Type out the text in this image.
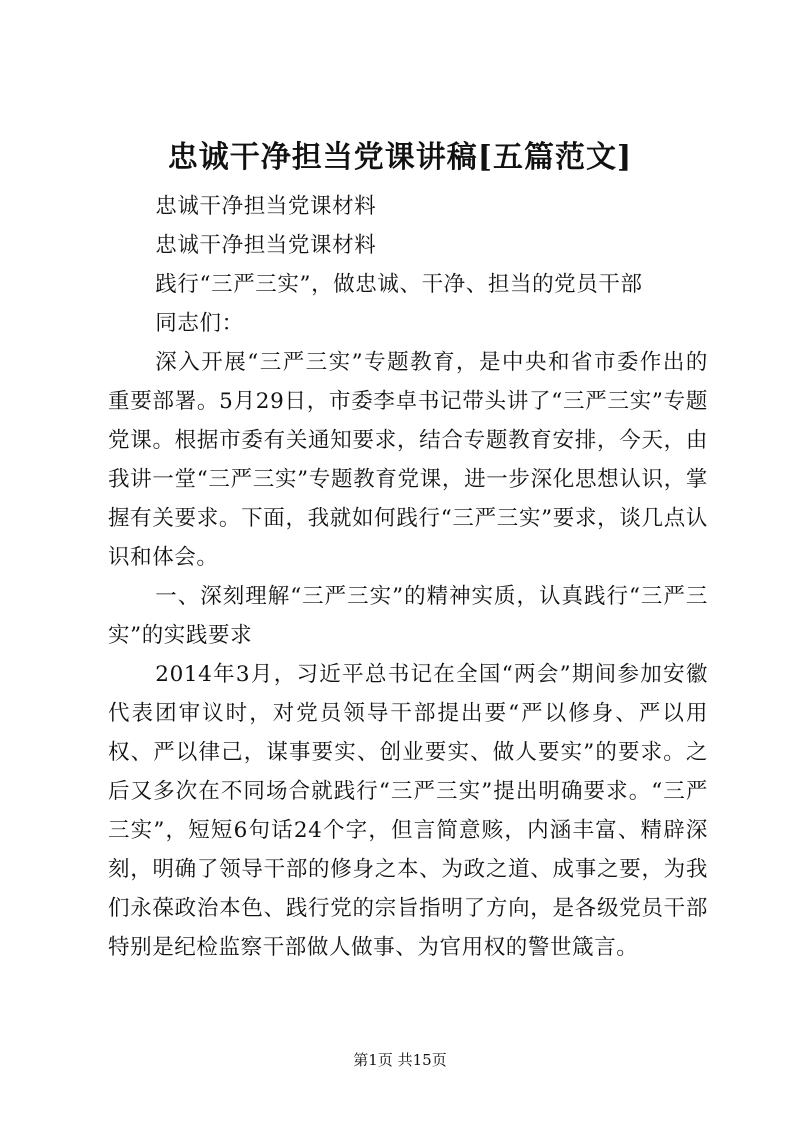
忠诚干净担当党课讲稿[五篇范文]

忠诚干净担当党课材料

忠诚干净担当党课材料

践行“三严三实”，做忠诚、干净、担当的党员干部

同志们：

深入开展“三严三实”专题教育，是中央和省市委作出的重要部署。5月29日，市委李卓书记带头讲了“三严三实”专题党课。根据市委有关通知要求，结合专题教育安排，今天，由我讲一堂“三严三实”专题教育党课，进一步深化思想认识，掌握有关要求。下面，我就如何践行“三严三实”要求，谈几点认识和体会。

一、深刻理解“三严三实”的精神实质，认真践行“三严三实”的实践要求

2014年3月，习近平总书记在全国“两会”期间参加安徽代表团审议时，对党员领导干部提出要“严以修身、严以用权、严以律己，谋事要实、创业要实、做人要实”的要求。之后又多次在不同场合就践行“三严三实”提出明确要求。“三严三实”，短短6句话24个字，但言简意赅，内涵丰富、精辟深刻，明确了领导干部的修身之本、为政之道、成事之要，为我们永葆政治本色、践行党的宗旨指明了方向，是各级党员干部特别是纪检监察干部做人做事、为官用权的警世箴言。

第1页 共15页
